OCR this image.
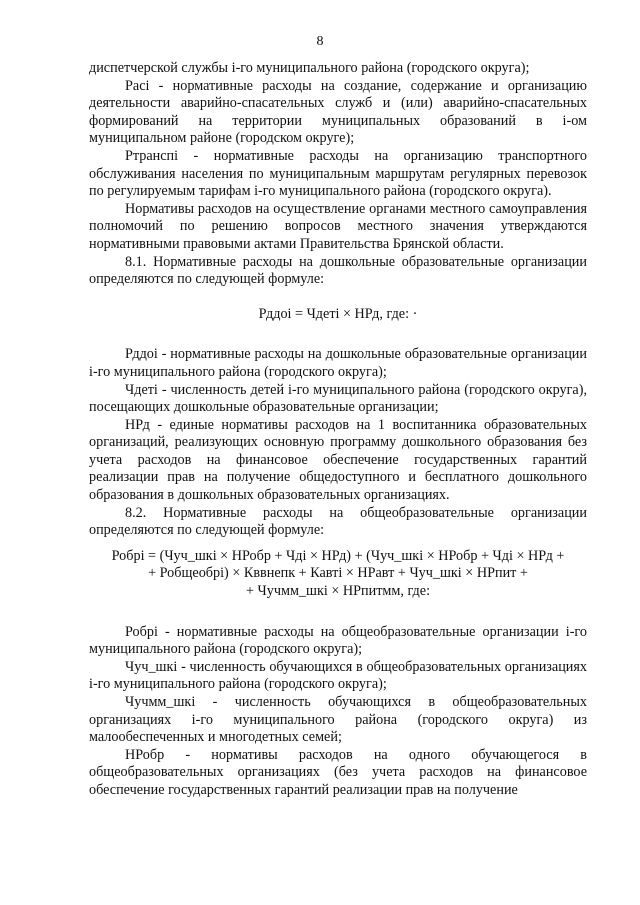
8

диспетчерской службы i-го муниципального района (городского округа);

Pacі - нормативные расходы на создание, содержание и организацию деятельности аварийно-спасательных служб и (или) аварийно-спасательных формирований на территории муниципальных образований в i-ом муниципальном районе (городском округе);

Ртранспі - нормативные расходы на организацию транспортного обслуживания населения по муниципальным маршрутам регулярных перевозок по регулируемым тарифам i-го муниципального района (городского округа).

Нормативы расходов на осуществление органами местного самоуправления полномочий по решению вопросов местного значения утверждаются нормативными правовыми актами Правительства Брянской области.

8.1. Нормативные расходы на дошкольные образовательные организации определяются по следующей формуле:

Рддоі = Чдеті × НРд, где: ·

Рддоі - нормативные расходы на дошкольные образовательные организации i-го муниципального района (городского округа);

Чдеті - численность детей i-го муниципального района (городского округа), посещающих дошкольные образовательные организации;

НРд - единые нормативы расходов на 1 воспитанника образовательных организаций, реализующих основную программу дошкольного образования без учета расходов на финансовое обеспечение государственных гарантий реализации прав на получение общедоступного и бесплатного дошкольного образования в дошкольных образовательных организациях.

8.2. Нормативные расходы на общеобразовательные организации определяются по следующей формуле:

Робрі = (Чуч_шкі × НРобр + Чді × НРд) + (Чуч_шкі × НРобр + Чді × НРд +

+ Робщеобрі) × Кввнепк + Кавті × НРавт + Чуч_шкі × НРпит +

+ Чучмм_шкі × НРпитмм, где:

Робрі - нормативные расходы на общеобразовательные организации i-го муниципального района (городского округа);

Чуч_шкі - численность обучающихся в общеобразовательных организациях i-го муниципального района (городского округа);

Чучмм_шкі - численность обучающихся в общеобразовательных организациях i-го муниципального района (городского округа) из малообеспеченных и многодетных семей;

НРобр - нормативы расходов на одного обучающегося в общеобразовательных организациях (без учета расходов на финансовое обеспечение государственных гарантий реализации прав на получение
